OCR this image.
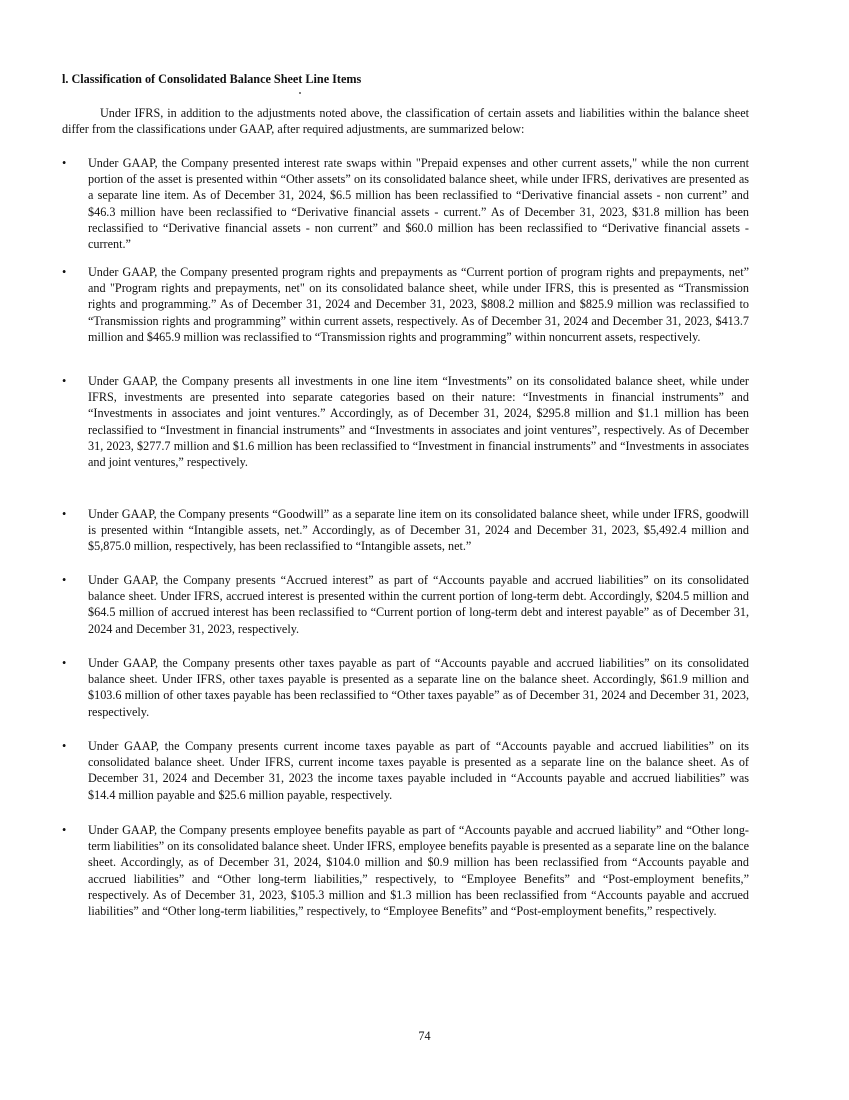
l. Classification of Consolidated Balance Sheet Line Items

Under IFRS, in addition to the adjustments noted above, the classification of certain assets and liabilities within the balance sheet differ from the classifications under GAAP, after required adjustments, are summarized below:

• Under GAAP, the Company presented interest rate swaps within "Prepaid expenses and other current assets," while the non current portion of the asset is presented within “Other assets” on its consolidated balance sheet, while under IFRS, derivatives are presented as a separate line item. As of December 31, 2024, $6.5 million has been reclassified to “Derivative financial assets - non current” and $46.3 million have been reclassified to “Derivative financial assets - current.” As of December 31, 2023, $31.8 million has been reclassified to “Derivative financial assets - non current” and $60.0 million has been reclassified to “Derivative financial assets - current.”

• Under GAAP, the Company presented program rights and prepayments as “Current portion of program rights and prepayments, net” and "Program rights and prepayments, net" on its consolidated balance sheet, while under IFRS, this is presented as “Transmission rights and programming.” As of December 31, 2024 and December 31, 2023, $808.2 million and $825.9 million was reclassified to “Transmission rights and programming” within current assets, respectively. As of December 31, 2024 and December 31, 2023, $413.7 million and $465.9 million was reclassified to “Transmission rights and programming” within noncurrent assets, respectively.

• Under GAAP, the Company presents all investments in one line item “Investments” on its consolidated balance sheet, while under IFRS, investments are presented into separate categories based on their nature: “Investments in financial instruments” and “Investments in associates and joint ventures.” Accordingly, as of December 31, 2024, $295.8 million and $1.1 million has been reclassified to “Investment in financial instruments” and “Investments in associates and joint ventures”, respectively. As of December 31, 2023, $277.7 million and $1.6 million has been reclassified to “Investment in financial instruments” and “Investments in associates and joint ventures,” respectively.

• Under GAAP, the Company presents “Goodwill” as a separate line item on its consolidated balance sheet, while under IFRS, goodwill is presented within “Intangible assets, net.” Accordingly, as of December 31, 2024 and December 31, 2023, $5,492.4 million and $5,875.0 million, respectively, has been reclassified to “Intangible assets, net.”

• Under GAAP, the Company presents “Accrued interest” as part of “Accounts payable and accrued liabilities” on its consolidated balance sheet. Under IFRS, accrued interest is presented within the current portion of long-term debt. Accordingly, $204.5 million and $64.5 million of accrued interest has been reclassified to “Current portion of long-term debt and interest payable” as of December 31, 2024 and December 31, 2023, respectively.

• Under GAAP, the Company presents other taxes payable as part of “Accounts payable and accrued liabilities” on its consolidated balance sheet. Under IFRS, other taxes payable is presented as a separate line on the balance sheet. Accordingly, $61.9 million and $103.6 million of other taxes payable has been reclassified to “Other taxes payable” as of December 31, 2024 and December 31, 2023, respectively.

• Under GAAP, the Company presents current income taxes payable as part of “Accounts payable and accrued liabilities” on its consolidated balance sheet. Under IFRS, current income taxes payable is presented as a separate line on the balance sheet. As of December 31, 2024 and December 31, 2023 the income taxes payable included in “Accounts payable and accrued liabilities” was $14.4 million payable and $25.6 million payable, respectively.

• Under GAAP, the Company presents employee benefits payable as part of “Accounts payable and accrued liability” and “Other long-term liabilities” on its consolidated balance sheet. Under IFRS, employee benefits payable is presented as a separate line on the balance sheet. Accordingly, as of December 31, 2024, $104.0 million and $0.9 million has been reclassified from “Accounts payable and accrued liabilities” and “Other long-term liabilities,” respectively, to “Employee Benefits” and “Post-employment benefits,” respectively. As of December 31, 2023, $105.3 million and $1.3 million has been reclassified from “Accounts payable and accrued liabilities” and “Other long-term liabilities,” respectively, to “Employee Benefits” and “Post-employment benefits,” respectively.

74
